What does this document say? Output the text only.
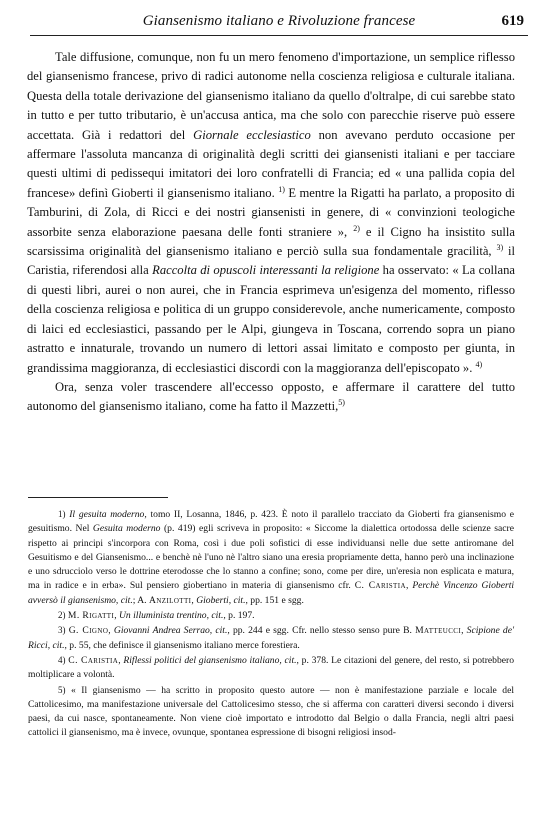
Giansenismo italiano e Rivoluzione francese	619

Tale diffusione, comunque, non fu un mero fenomeno d'importazione, un semplice riflesso del giansenismo francese, privo di radici autonome nella coscienza religiosa e culturale italiana. Questa della totale derivazione del giansenismo italiano da quello d'oltralpe, di cui sarebbe stato in tutto e per tutto tributario, è un'accusa antica, ma che solo con parecchie riserve può essere accettata. Già i redattori del Giornale ecclesiastico non avevano perduto occasione per affermare l'assoluta mancanza di originalità degli scritti dei giansenisti italiani e per tacciare questi ultimi di pedissequi imitatori dei loro confratelli di Francia; ed « una pallida copia del francese» definì Gioberti il giansenismo italiano. $^{1)}$ E mentre la Rigatti ha parlato, a proposito di Tamburini, di Zola, di Ricci e dei nostri giansenisti in genere, di « convinzioni teologiche assorbite senza elaborazione paesana delle fonti straniere », $^{2)}$ e il Cigno ha insistito sulla scarsissima originalità del giansenismo italiano e perciò sulla sua fondamentale gracilità, $^{3)}$ il Caristia, riferendosi alla Raccolta di opuscoli interessanti la religione ha osservato: « La collana di questi libri, aurei o non aurei, che in Francia esprimeva un'esigenza del momento, riflesso della coscienza religiosa e politica di un gruppo considerevole, anche numericamente, composto di laici ed ecclesiastici, passando per le Alpi, giungeva in Toscana, correndo sopra un piano astratto e innaturale, trovando un numero di lettori assai limitato e composto per giunta, in grandissima maggioranza, di ecclesiastici discordi con la maggioranza dell'episcopato ». $^{4)}$

Ora, senza voler trascendere all'eccesso opposto, e affermare il carattere del tutto autonomo del giansenismo italiano, come ha fatto il Mazzetti,$^{5)}$

1) Il gesuita moderno, tomo II, Losanna, 1846, p. 423. È noto il parallelo tracciato da Gioberti fra giansenismo e gesuitismo. Nel Gesuita moderno (p. 419) egli scriveva in proposito: « Siccome la dialettica ortodossa delle scienze sacre rispetto ai principi s'incorpora con Roma, così i due poli sofistici di esse individuansi nelle due sette antiromane del Gesuitismo e del Giansenismo... e benchè nè l'uno nè l'altro siano una eresia propriamente detta, hanno però una inclinazione e uno sdrucciolo verso le dottrine eterodosse che lo stanno a confine; sono, come per dire, un'eresia non esplicata e matura, ma in radice e in erba». Sul pensiero giobertiano in materia di giansenismo cfr. C. Caristia, Perchè Vincenzo Gioberti avversò il giansenismo, cit.; A. Anzilotti, Gioberti, cit., pp. 151 e sgg.

2) M. Rigatti, Un illuminista trentino, cit., p. 197.

3) G. Cigno, Giovanni Andrea Serrao, cit., pp. 244 e sgg. Cfr. nello stesso senso pure B. Matteucci, Scipione de' Ricci, cit., p. 55, che definisce il giansenismo italiano merce forestiera.

4) C. Caristia, Riflessi politici del giansenismo italiano, cit., p. 378. Le citazioni del genere, del resto, si potrebbero moltiplicare a volontà.

5) « Il giansenismo — ha scritto in proposito questo autore — non è manifestazione parziale e locale del Cattolicesimo, ma manifestazione universale del Cattolicesimo stesso, che si afferma con caratteri diversi secondo i diversi paesi, da cui nasce, spontaneamente. Non viene cioè importato e introdotto dal Belgio o dalla Francia, negli altri paesi cattolici il giansenismo, ma è invece, ovunque, spontanea espressione di bisogni religiosi insod-
